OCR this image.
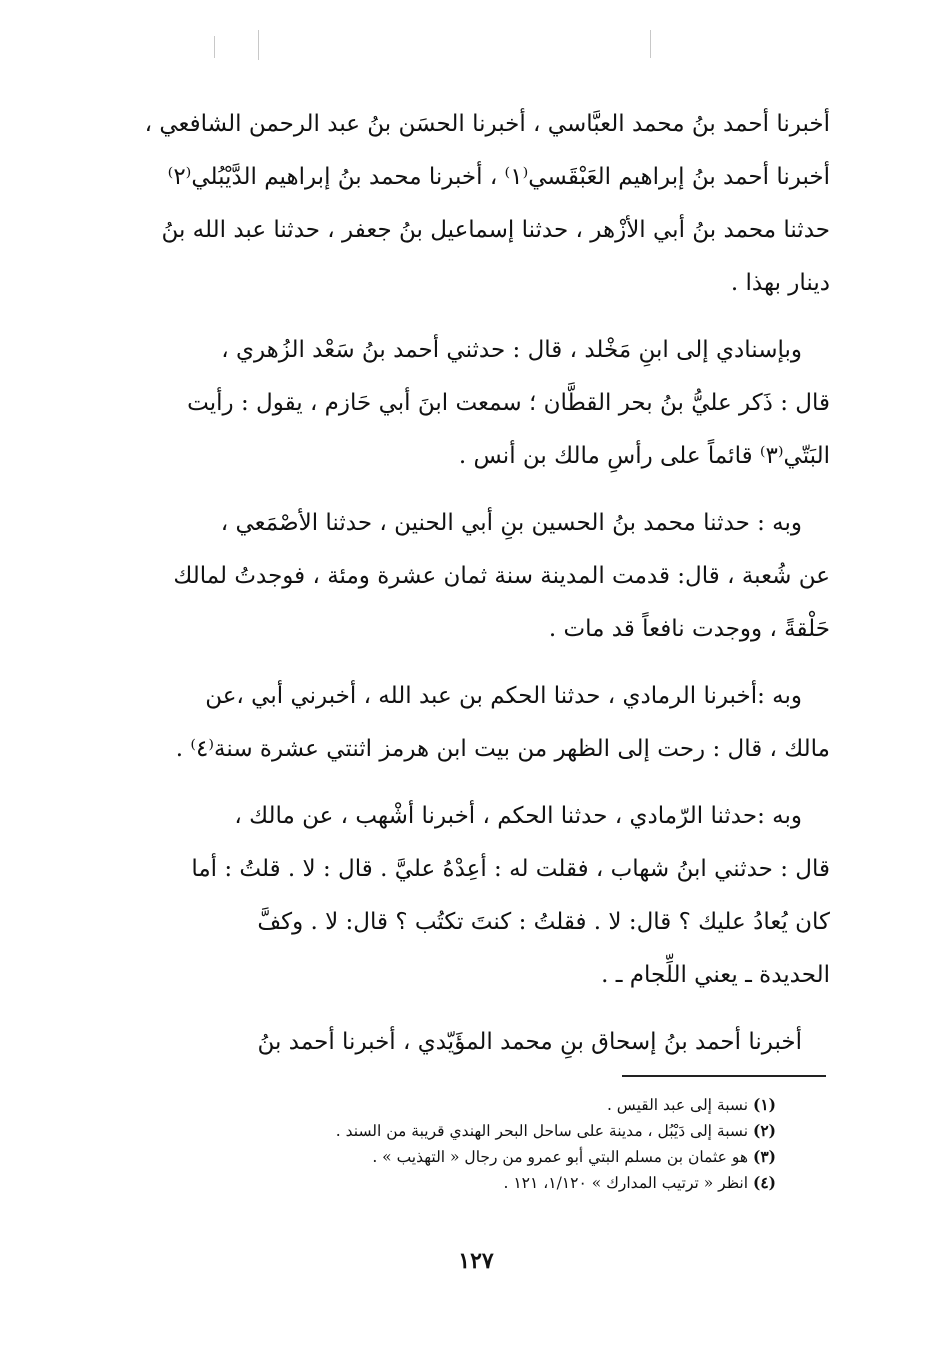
أخبرنا أحمد بنُ محمد العبَّاسي ، أخبرنا الحسَن بنُ عبد الرحمن الشافعي ،
أخبرنا أحمد بنُ إبراهيم العَبْقَسي⁽١⁾ ، أخبرنا محمد بنُ إبراهيم الدَّيْبُلي⁽٢⁾
حدثنا محمد بنُ أبي الأزْهر ، حدثنا إسماعيل بنُ جعفر ، حدثنا عبد الله بنُ
دينار بهذا .
وبإسنادي إلى ابنِ مَخْلد ، قال : حدثني أحمد بنُ سَعْد الزُهري ،
قال : ذَكر عليُّ بنُ بحر القطَّان ؛ سمعت ابنَ أبي حَازم ، يقول : رأيت
البَتّي⁽٣⁾ قائماً على رأسِ مالك بن أنس .
وبه : حدثنا محمد بنُ الحسين بنِ أبي الحنين ، حدثنا الأصْمَعي ،
عن شُعبة ، قال: قدمت المدينة سنة ثمان عشرة ومئة ، فوجدتُ لمالك
حَلْقةً ، ووجدت نافعاً قد مات .
وبه :أخبرنا الرمادي ، حدثنا الحكم بن عبد الله ، أخبرني أبي ،عن
مالك ، قال : رحت إلى الظهر من بيت ابن هرمز اثنتي عشرة سنة⁽٤⁾ .
وبه :حدثنا الرّمادي ، حدثنا الحكم ، أخبرنا أشْهب ، عن مالك ،
قال : حدثني ابنُ شهاب ، فقلت له : أعِدْهُ عليَّ . قال : لا . قلتُ : أما
كان يُعادُ عليك ؟ قال: لا . فقلتُ : كنتَ تكتُب ؟ قال: لا . وكفَّ
الحديدة ـ يعني اللِّجام ـ .
أخبرنا أحمد بنُ إسحاق بنِ محمد المؤَيّدي ، أخبرنا أحمد بنُ
(١) نسبة إلى عبد القيس .
(٢) نسبة إلى دَيْبُل ، مدينة على ساحل البحر الهندي قريبة من السند .
(٣) هو عثمان بن مسلم البتي أبو عمرو من رجال « التهذيب » .
(٤) انظر « ترتيب المدارك » ١/١٢٠، ١٢١ .
١٢٧
